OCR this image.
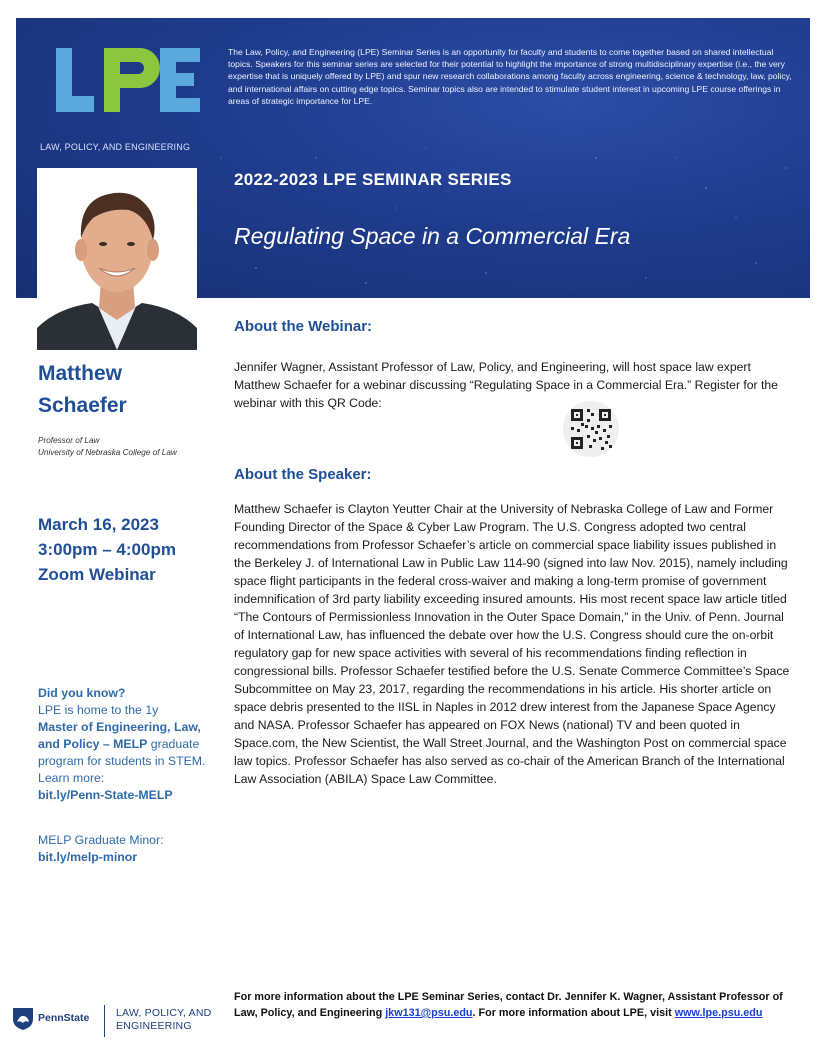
LAW, POLICY, AND ENGINEERING
The Law, Policy, and Engineering (LPE) Seminar Series is an opportunity for faculty and students to come together based on shared intellectual topics. Speakers for this seminar series are selected for their potential to highlight the importance of strong multidisciplinary expertise (i.e., the very expertise that is uniquely offered by LPE) and spur new research collaborations among faculty across engineering, science & technology, law, policy, and international affairs on cutting edge topics. Seminar topics also are intended to stimulate student interest in upcoming LPE course offerings in areas of strategic importance for LPE.
2022-2023 LPE SEMINAR SERIES
Regulating Space in a Commercial Era
Matthew
Schaefer
Professor of Law
University of Nebraska College of Law
March 16, 2023
3:00pm – 4:00pm
Zoom Webinar
Did you know?
LPE is home to the 1y
Master of Engineering, Law, and Policy – MELP graduate program for students in STEM. Learn more:
bit.ly/Penn-State-MELP
MELP Graduate Minor:
bit.ly/melp-minor
About the Webinar:
Jennifer Wagner, Assistant Professor of Law, Policy, and Engineering, will host space law expert Matthew Schaefer for a webinar discussing “Regulating Space in a Commercial Era.” Register for the webinar with this QR Code:
About the Speaker:
Matthew Schaefer is Clayton Yeutter Chair at the University of Nebraska College of Law and Former Founding Director of the Space & Cyber Law Program. The U.S. Congress adopted two central recommendations from Professor Schaefer’s article on commercial space liability issues published in the Berkeley J. of International Law in Public Law 114-90 (signed into law Nov. 2015), namely including space flight participants in the federal cross-waiver and making a long-term promise of government indemnification of 3rd party liability exceeding insured amounts. His most recent space law article titled “The Contours of Permissionless Innovation in the Outer Space Domain,” in the Univ. of Penn. Journal of International Law, has influenced the debate over how the U.S. Congress should cure the on-orbit regulatory gap for new space activities with several of his recommendations finding reflection in congressional bills. Professor Schaefer testified before the U.S. Senate Commerce Committee’s Space Subcommittee on May 23, 2017, regarding the recommendations in his article. His shorter article on space debris presented to the IISL in Naples in 2012 drew interest from the Japanese Space Agency and NASA. Professor Schaefer has appeared on FOX News (national) TV and been quoted in Space.com, the New Scientist, the Wall Street Journal, and the Washington Post on commercial space law topics. Professor Schaefer has also served as co-chair of the American Branch of the International Law Association (ABILA) Space Law Committee.
PennState	LAW, POLICY, AND
ENGINEERING
For more information about the LPE Seminar Series, contact Dr. Jennifer K. Wagner, Assistant Professor of Law, Policy, and Engineering jkw131@psu.edu. For more information about LPE, visit www.lpe.psu.edu
